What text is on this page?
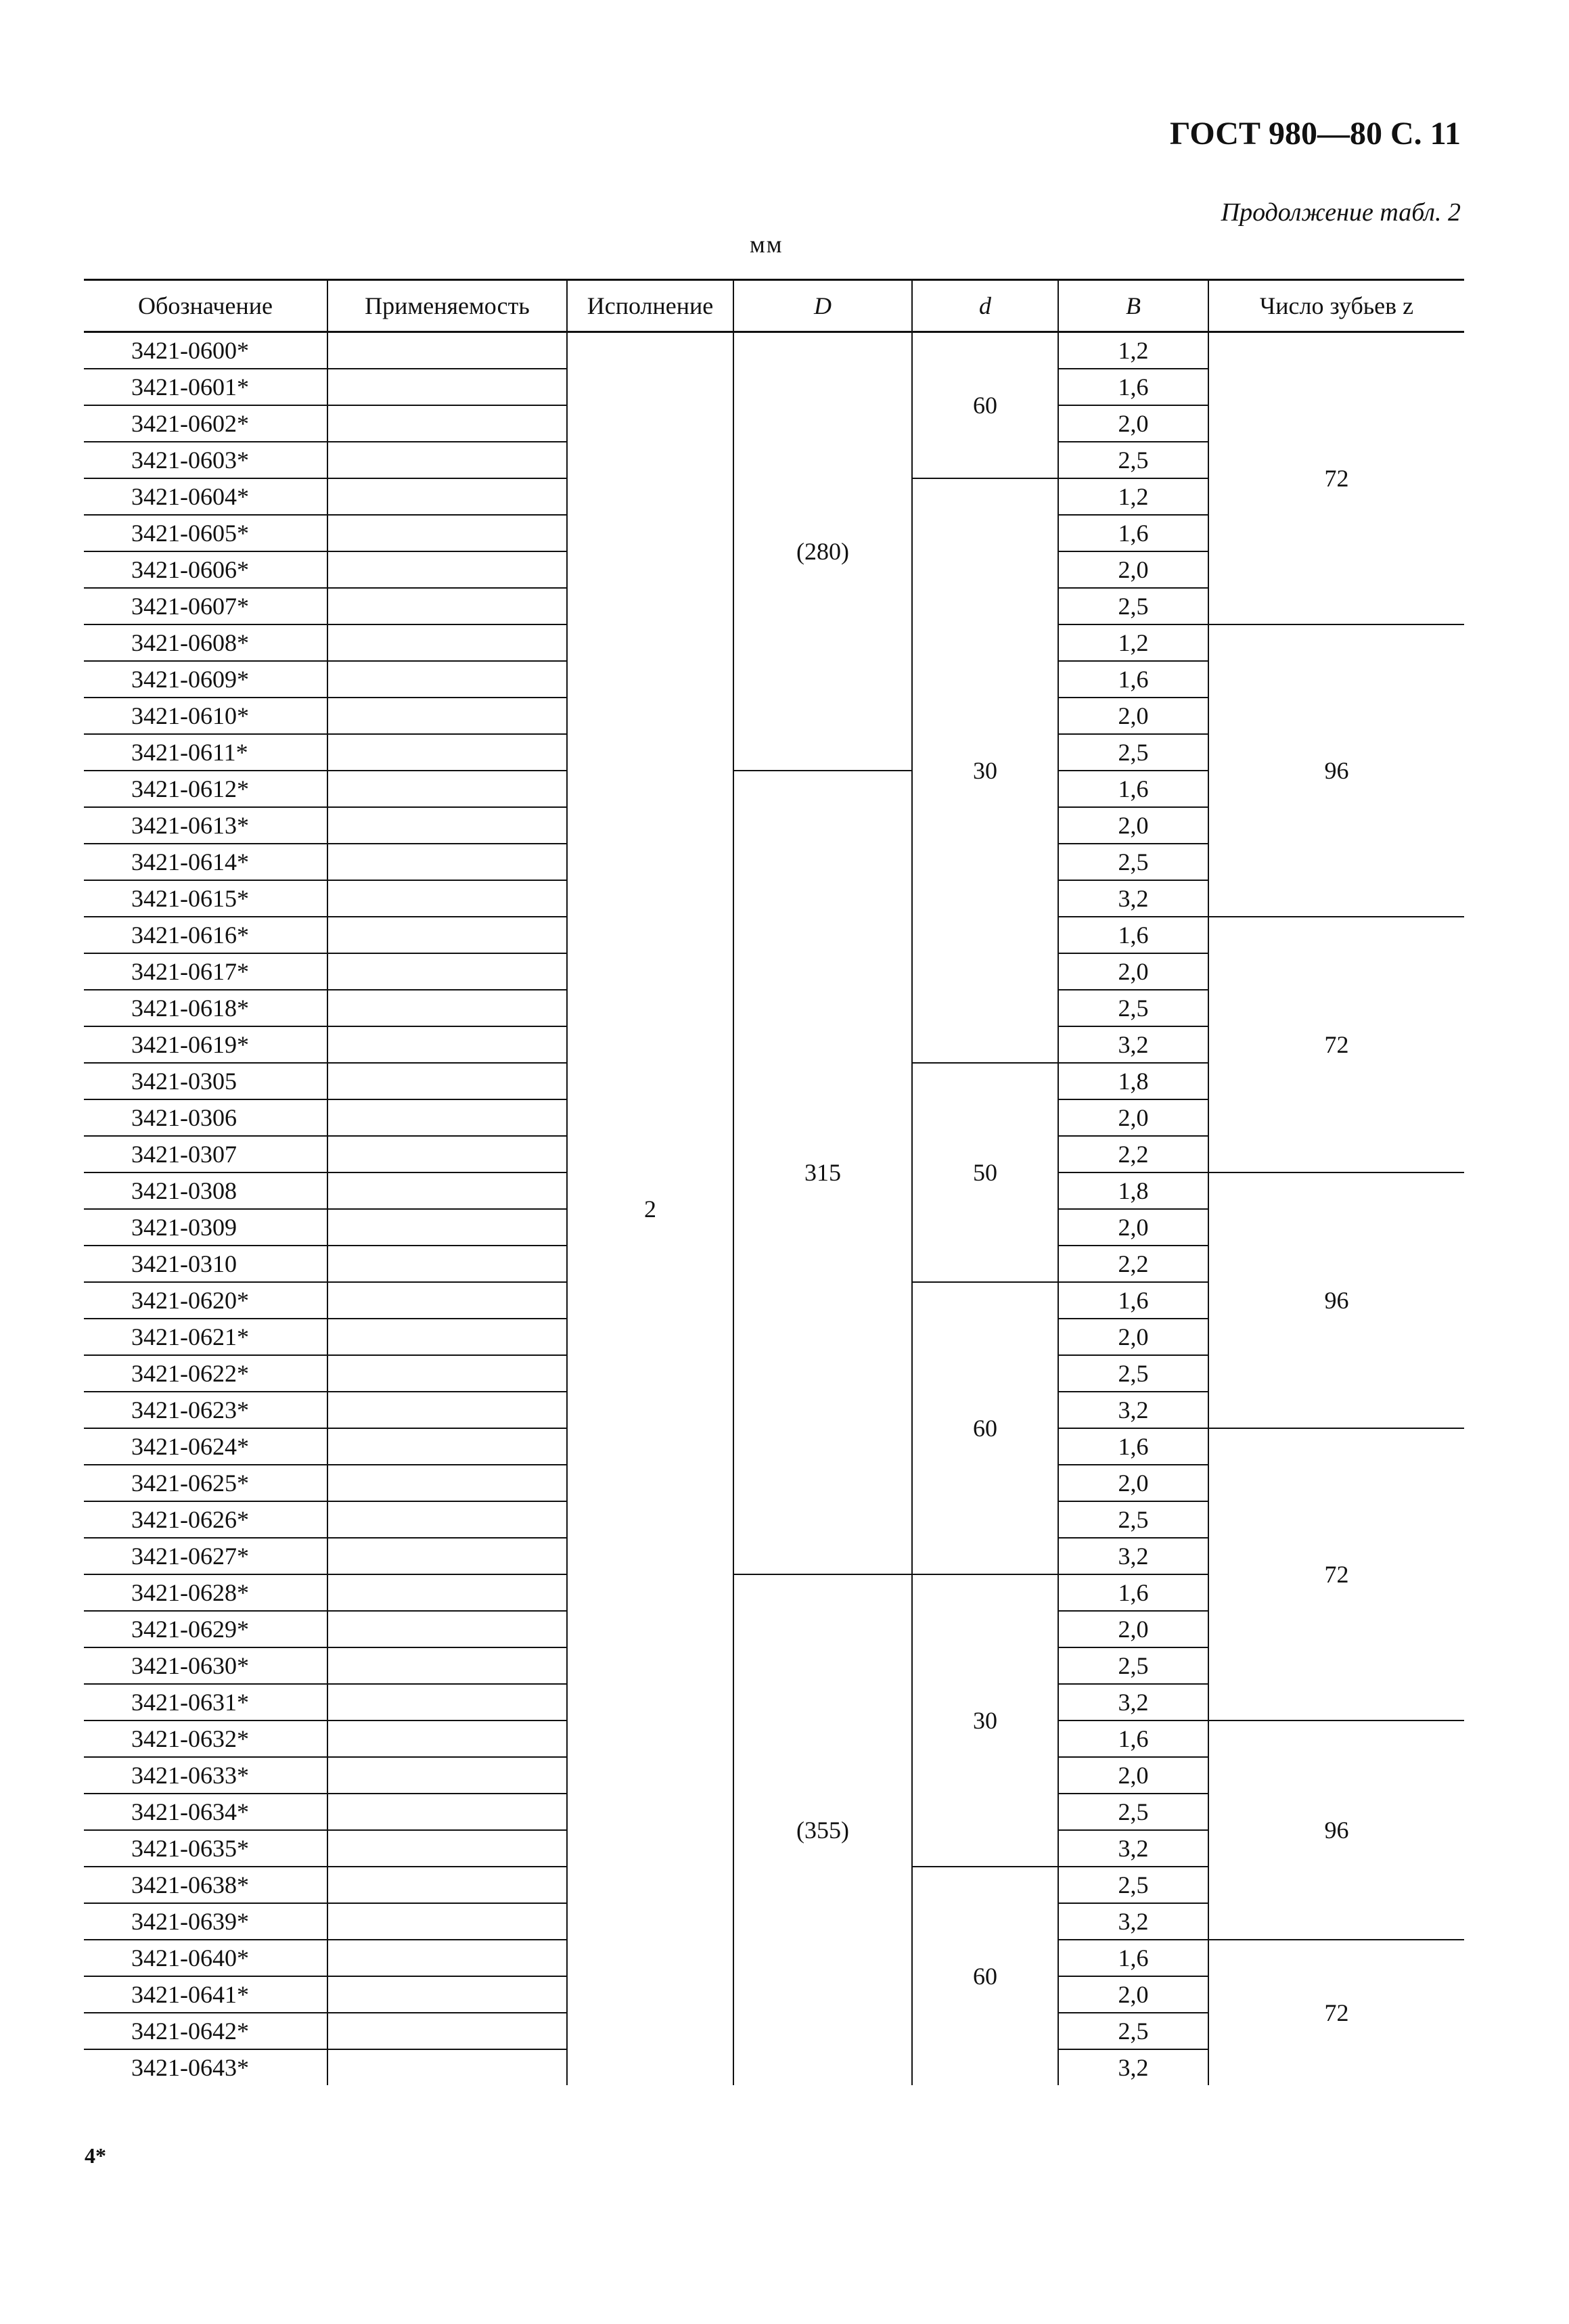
ГОСТ 980—80 С. 11
Продолжение табл. 2
мм
Обозначение	Применяемость	Исполнение	D	d	B	Число зубьев z
3421-0600*		2	(280)	60	1,2	72
3421-0601*					1,6	
3421-0602*					2,0	
3421-0603*					2,5	
3421-0604*				30	1,2	
3421-0605*					1,6	
3421-0606*					2,0	
3421-0607*					2,5	
3421-0608*					1,2	96
3421-0609*					1,6	
3421-0610*					2,0	
3421-0611*					2,5	
3421-0612*			315		1,6	
3421-0613*					2,0	
3421-0614*					2,5	
3421-0615*					3,2	
3421-0616*					1,6	72
3421-0617*					2,0	
3421-0618*					2,5	
3421-0619*					3,2	
3421-0305				50	1,8	
3421-0306					2,0	
3421-0307					2,2	
3421-0308					1,8	96
3421-0309					2,0	
3421-0310					2,2	
3421-0620*				60	1,6	
3421-0621*					2,0	
3421-0622*					2,5	
3421-0623*					3,2	
3421-0624*					1,6	72
3421-0625*					2,0	
3421-0626*					2,5	
3421-0627*					3,2	
3421-0628*			(355)	30	1,6	
3421-0629*					2,0	
3421-0630*					2,5	
3421-0631*					3,2	
3421-0632*					1,6	96
3421-0633*					2,0	
3421-0634*					2,5	
3421-0635*					3,2	
3421-0638*				60	2,5	
3421-0639*					3,2	
3421-0640*					1,6	72
3421-0641*					2,0	
3421-0642*					2,5	
3421-0643*					3,2	
4*
